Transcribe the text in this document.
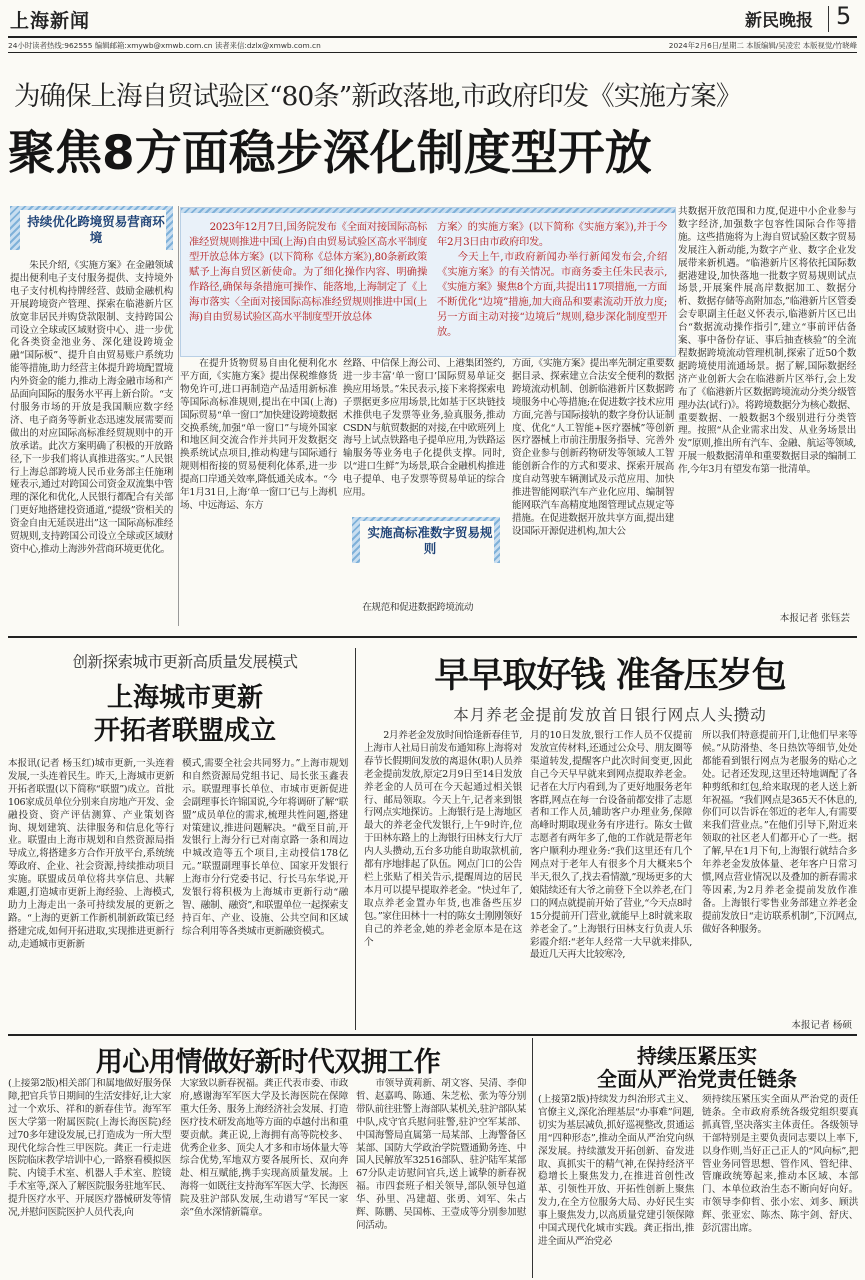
上海新闻	新民晚报 5
24小时读者热线:962555 编辑邮箱:xmywb@xmwb.com.cn 读者来信:dzlx@xmwb.com.cn	2024年2月6日/星期二 本版编辑/吴凌宏 本版视觉/竹晓峰
为确保上海自贸试验区“80条”新政落地,市政府印发《实施方案》
聚焦8方面稳步深化制度型开放
持续优化跨境贸易营商环境

朱民介绍,《实施方案》在金融领域提出便利电子支付服务提供、支持境外电子支付机构持牌经营、鼓励金融机构开展跨境资产管理、探索在临港新片区放宽非居民并购贷款限制、支持跨国公司设立全球或区域财资中心、进一步优化各类资金池业务、深化建设跨境金融“国际板”、提升自由贸易账户系统功能等措施,助力经营主体提升跨境配置境内外资金的能力,推动上海金融市场和产品面向国际的服务水平再上新台阶。“支付服务市场的开放是我国顺应数字经济、电子商务等新业态迅速发展需要而做出的对应国际高标准经贸规则中的开放承诺。此次方案明确了积极的开放路径,下一步我们将认真推进落实。”人民银行上海总部跨境人民币业务部主任施琍娅表示,通过对跨国公司资金双流集中管理的深化和优化,人民银行都配合有关部门更好地搭建投资通道,“提级”资相关的资金自由无延误进出”这一国际高标准经贸规则,支持跨国公司设立全球或区域财资中心,推动上海涉外营商环境更优化。

2023年12月7日,国务院发布《全面对接国际高标准经贸规则推进中国(上海)自由贸易试验区高水平制度型开放总体方案》(以下简称《总体方案》),80条新政策赋予上海自贸区新使命。为了细化操作内容、明确操作路径,确保每条措施可操作、能落地,上海制定了《上海市落实〈全面对接国际高标准经贸规则推进中国(上海)自由贸易试验区高水平制度型开放总体

方案〉的实施方案》(以下简称《实施方案》),并于今年2月3日由市政府印发。

今天上午,市政府新闻办举行新闻发布会,介绍《实施方案》的有关情况。市商务委主任朱民表示,《实施方案》聚焦8个方面,共提出117项措施,一方面不断优化“边境”措施,加大商品和要素流动开放力度;另一方面主动对接“边境后”规则,稳步深化制度型开放。

在提升货物贸易自由化便利化水平方面,《实施方案》提出保税维修货物免许可,进口再制造产品适用新标准等国际高标准规则,提出在中国(上海)国际贸易“单一窗口”加快建设跨境数据交换系统,加强“单一窗口”与境外国家和地区间交流合作并共同开发数据交换系统试点项目,推动构建与国际通行规则相衔接的贸易便利化体系,进一步提高口岸通关效率,降低通关成本。“今年1月31日,上海‘单一窗口’已与上海机场、中远海运、东方

丝路、中信保上海公司、上港集团签约,进一步丰富‘单一窗口’国际贸易单证交换应用场景。”朱民表示,接下来将探索电子票据更多应用场景,比如基于区块链技术推供电子发票等业务,验真服务,推动CSDN与航贸数据的对接,在中欧班列上海号上试点铁路电子提单应用,为铁路运输服务等业务电子化提供支撑。同时,以“进口生鲜”为场景,联合金融机构推进电子提单、电子发票等贸易单证的综合应用。

实施高标准数字贸易规则

在规范和促进数据跨境流动

方面,《实施方案》提出率先制定重要数据目录、探索建立合法安全便利的数据跨境流动机制、创新临港新片区数据跨境服务中心等措施;在促进数字技术应用方面,完善与国际接轨的数字身份认证制度、优化“人工智能+医疗器械”等创新医疗器械上市前注册服务指导、完善外资企业参与创新药物研发等领域人工智能创新合作的方式和要求、探索开展高度自动驾驶车辆测试及示范应用、加快推进智能网联汽车产业化应用、编制智能网联汽车高精度地图管理试点规定等措施。在促进数据开放共享方面,提出建设国际开源促进机构,加大公

共数据开放范围和力度,促进中小企业参与数字经济,加强数字包容性国际合作等措施。这些措施将为上海自贸试验区数字贸易发展注入新动能,为数字产业、数字企业发展带来新机遇。“临港新片区将依托国际数据港建设,加快落地一批数字贸易规则试点场景,开展案件展高岸数据加工、数据分析、数据存储等高附加态,”临港新片区管委会专职副主任赵义怀表示,临港新片区已出台“数据流动操作指引”,建立“事前评估备案、事中备份存证、事后抽查核验”的全流程数据跨境流动管理机制,探索了近50个数据跨境使用流通场景。据了解,国际数据经济产业创新大会在临港新片区举行,会上发布了《临港新片区数据跨境流动分类分级管理办法(试行)》。将跨境数据分为核心数据、重要数据、一般数据3个级别进行分类管理。按照“从企业需求出发、从业务场景出发”原则,推出所有汽车、金融、航运等领域,开展一般数据清单和重要数据目录的编制工作,今年3月有望发布第一批清单。

本报记者 张钰芸
创新探索城市更新高质量发展模式
上海城市更新
开拓者联盟成立

本报讯(记者 杨玉红)城市更新,一头连着发展,一头连着民生。昨天,上海城市更新开拓者联盟(以下简称“联盟”)成立。首批106家成员单位分别来自房地产开发、金融投资、资产评估测算、产业策划咨询、规划建筑、法律服务和信息化等行业。联盟由上海市规划和自然资源局指导成立,将搭建多方合作开放平台,系统统筹政府、企业、社会资源,持续推动项目实施。联盟成员单位将共享信息、共解难题,打造城市更新上海经验、上海模式,助力上海走出一条可持续发展的更新之路。“上海的更新工作新机制新政策已经搭建完成,如何开拓进取,实现推进更新行动,走通城市更新新

模式,需要全社会共同努力。”上海市规划和自然资源局党组书记、局长张玉鑫表示。联盟理事长单位、市城市更新促进会副理事长许锦国说,今年将调研了解“联盟”成员单位的需求,梳理共性问题,搭建对策建议,推进问题解决。“截至目前,开发银行上海分行已对南京路一条和周边中城改造等五个项目,主动授信178亿元。”联盟副理事长单位、国家开发银行上海市分行党委书记、行长马东华说,开发银行将积极为上海城市更新行动“融智、融制、融资”,和联盟单位一起探索支持百年、产业、设施、公共空间和区域综合利用等各类城市更新融资模式。

早早取好钱 准备压岁包
本月养老金提前发放首日银行网点人头攒动

2月养老金发放时间恰逢新春佳节,上海市人社局日前发布通知称上海将对春节长假期间发放的离退休(职)人员养老金提前发放,原定2月9日至14日发放养老金的人员可在今天起通过相关银行、邮局领取。今天上午,记者来到银行网点实地探访。上海银行是上海地区最大的养老金代发银行,上午9时许,位于田林东路上的上海银行田林支行大厅内人头攒动,五台多功能自助取款机前,都有序地排起了队伍。网点门口的公告栏上张贴了相关告示,提醒周边的居民本月可以提早提取养老金。“快过年了,取点养老金置办年货,也准备些压岁包。”家住田林十一村的陈女士刚刚领好自己的养老金,她的养老金原本是在这个

月的10日发放,银行工作人员不仅提前发放宣传材料,还通过公众号、朋友圈等渠道转发,提醒客户此次时间变更,因此自己今天早早就来到网点提取养老金。记者在大厅内看到,为了更好地服务老年客群,网点在每一台设备前都安排了志愿者和工作人员,辅助客户办理业务,保障高峰时期取现业务有序进行。陈女士做志愿者有两年多了,他的工作就是帮老年客户顺利办理业务:“我们这里还有几个网点对于老年人有很多个月大概来5个半天,很久了,找去看情激,”现场更多的大娘陆续还有大爷之前登下全以养老,在门口的网点就提前开始了营业,“今天点8时15分提前开门营业,就能早上8时就来取养老金了。”上海银行田林支行负责人乐彩霞介绍:“老年人经常一大早就来排队,最近几天再大比较寒冷,

所以我们特意提前开门,让他们早来等候。”从防滑垫、冬日热饮等细节,处处都能看到银行网点为老服务的贴心之处。记者还发现,这里还特地调配了各种剪纸和红包,给来取现的老人送上新年祝福。“我们网点是365天不休息的,你们可以告诉在邻近的老年人,有需要来我们营业点。”在他们引导下,附近来领取的社区老人们都开心了一些。据了解,早在1月下旬,上海银行就结合多年养老金发放体量、老年客户日常习惯,网点营业情况以及叠加的新春需求等因素,为2月养老金提前发放作准备。上海银行零售业务部建立养老金提前发放日“走访联系机制”,下沉网点,做好各种服务。

本报记者 杨硕
用心用情做好新时代双拥工作

(上接第2版)相关部门和属地做好服务保障,把官兵节日期间的生活安排好,让大家过一个欢乐、祥和的新春佳节。海军军医大学第一附属医院(上海长海医院)经过70多年建设发展,已打造成为一所大型现代化综合性三甲医院。龚正一行走进医院临床教学培训中心,一路察看模拟医院、内镜手术室、机器人手术室、腔镜手术室等,深入了解医院服务驻地军民、提升医疗水平、开展医疗器械研发等情况,并慰问医院医护人员代表,向

大家致以新春祝福。龚正代表市委、市政府,感谢海军军医大学及长海医院在保障重大任务、服务上海经济社会发展、打造医疗技术研发高地等方面的卓越付出和重要贡献。龚正说,上海拥有高等院校多、优秀企业多、顶尖人才多和市场体量大等综合优势,军地双方要各展所长、双向奔赴、相互赋能,携手实现高质量发展。上海将一如既往支持海军军医大学、长海医院及驻沪部队发展,生动谱写“军民一家亲”鱼水深情新篇章。

市领导黄莉新、胡文容、吴清、李仰哲、赵嘉鸣、陈通、朱芝松、张为等分别带队前往驻警上海部队某机关,驻沪部队某中队,戍守官兵慰问驻警,驻沪空军某部、中国海警局直属第一局某部、上海警备区某部、国防大学政治学院暨通勤务连、中国人民解放军32516部队、驻沪陆军某部67分队走访慰问官兵,送上诚挚的新春祝福。市四套班子相关领导,部队领导包道华、孙里、冯建超、张勇、刘军、朱占辉、陈鹏、吴国栋、王壹成等分别参加慰问活动。

持续压紧压实
全面从严治党责任链条

(上接第2版)持续发力纠治形式主义、官僚主义,深化治理基层“办事难”问题,切实为基层减负,抓好巡视整改,贯通运用“四种形态”,推动全面从严治党向纵深发展。持续激发开拓创新、奋发进取、真抓实干的精气神,在保持经济平稳增长上聚焦发力,在推进首创性改革、引领性开放、开拓性创新上聚焦发力,在全方位服务大局、办好民生实事上聚焦发力,以高质量党建引领保障中国式现代化城市实践。龚正指出,推进全面从严治党必

须持续压紧压实全面从严治党的责任链条。全市政府系统各级党组织要真抓真管,坚决落实主体责任。各级领导干部特别是主要负责同志要以上率下,以身作则,当好正己正人的“风向标”,把管业务同管思想、管作风、管纪律、管廉政统筹起来,推动本区域、本部门、本单位政治生态不断向好向好。市领导李仰哲、张小宏、刘多、顾洪辉、张亚宏、陈杰、陈宇剑、舒庆、彭沉雷出席。
